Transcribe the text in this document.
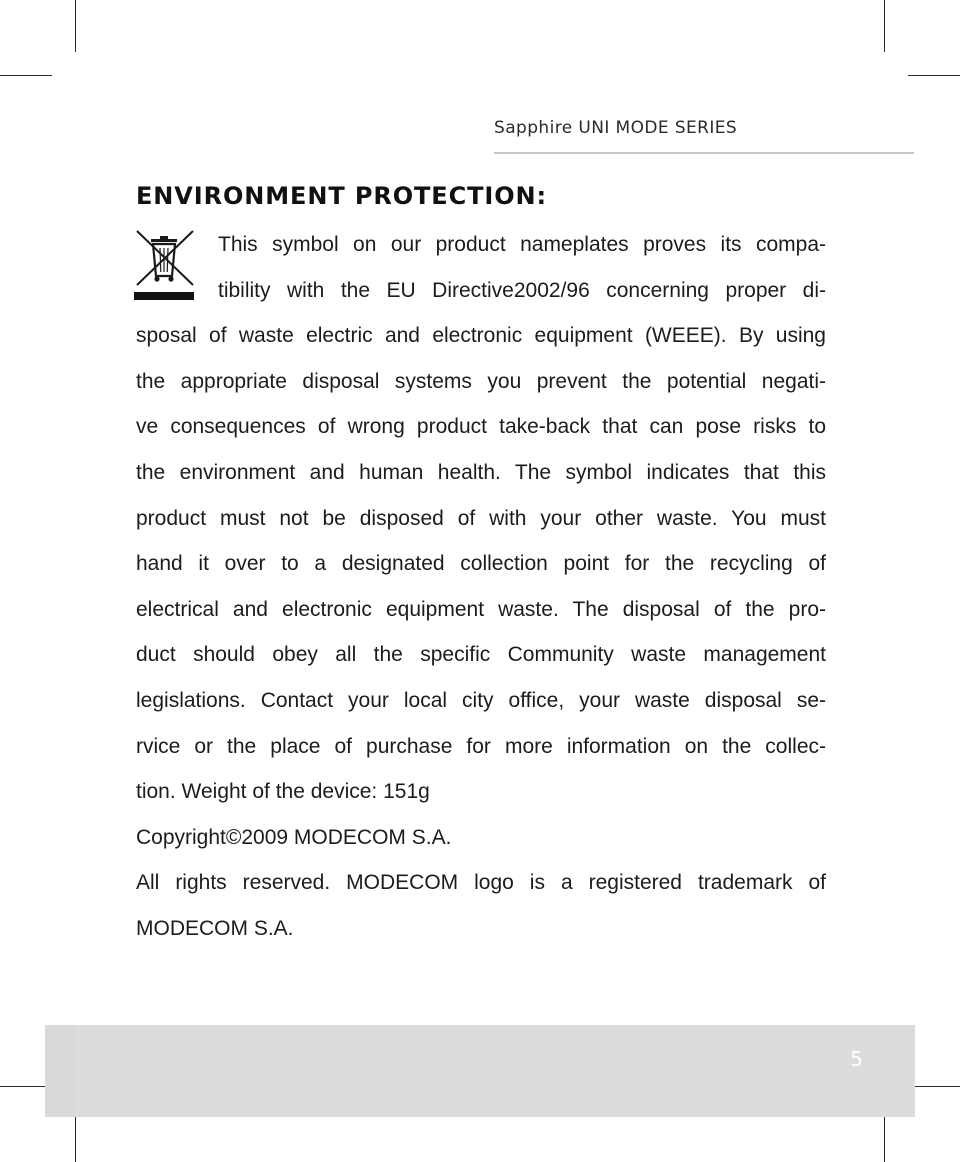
Sapphire UNI MODE SERIES
ENVIRONMENT PROTECTION:
This symbol on our product nameplates proves its compa-
tibility with the EU Directive2002/96 concerning proper di-
sposal of waste electric and electronic equipment (WEEE). By using
the appropriate disposal systems you prevent the potential negati-
ve consequences of wrong product take-back that can pose risks to
the environment and human health. The symbol indicates that this
product must not be disposed of with your other waste. You must
hand it over to a designated collection point for the recycling of
electrical and electronic equipment waste. The disposal of the pro-
duct should obey all the specific Community waste management
legislations. Contact your local city office, your waste disposal se-
rvice or the place of purchase for more information on the collec-
tion. Weight of the device: 151g
Copyright©2009 MODECOM S.A.
All rights reserved. MODECOM logo is a registered trademark of
MODECOM S.A.
5
